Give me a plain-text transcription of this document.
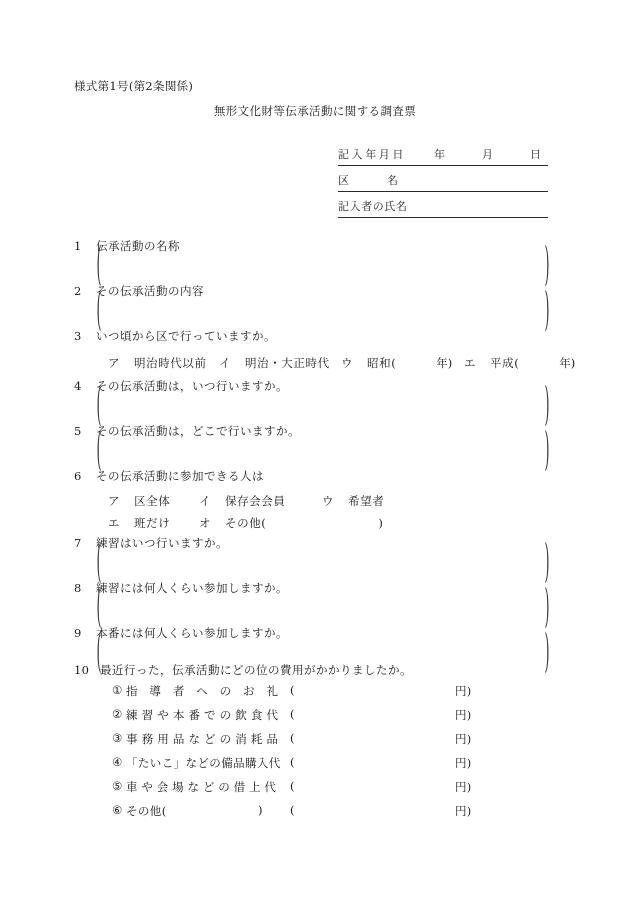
様式第1号(第2条関係)
無形文化財等伝承活動に関する調査票
記入年月日	年	月	日
区	名
記入者の氏名
1 伝承活動の名称
(	)
2 その伝承活動の内容
(	)
3 いつ頃から区で行っていますか。
ア 明治時代以前 イ 明治・大正時代 ウ 昭和(	年) エ 平成(	年)
4 その伝承活動は，いつ行いますか。
(	)
5 その伝承活動は，どこで行いますか。
(	)
6 その伝承活動に参加できる人は
ア 区全体 イ 保存会会員	ウ 希望者
エ 班だけ オ その他(	)
7 練習はいつ行いますか。
(	)
8 練習には何人くらい参加しますか。
(	)
9 本番には何人くらい参加しますか。
(	)
10 最近行った，伝承活動にどの位の費用がかかりましたか。
① 指 導 者 へ の お 礼 (	円)
② 練 習 や 本 番 で の 飲 食 代 (	円)
③ 事 務 用 品 な ど の 消 耗 品 (	円)
④ 「たいこ」などの備品購入代 (	円)
⑤ 車 や 会 場 な ど の 借 上 代 (	円)
⑥ その他(	) (	円)
